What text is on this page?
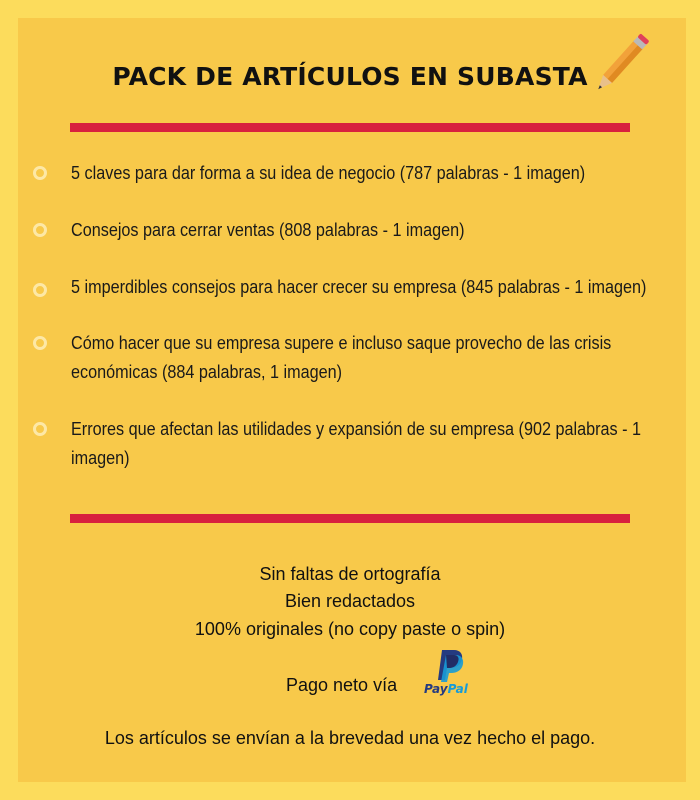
PACK DE ARTÍCULOS EN SUBASTA
5 claves para dar forma a su idea de negocio (787 palabras - 1 imagen)
Consejos para cerrar ventas (808 palabras - 1 imagen)
5 imperdibles consejos para hacer crecer su empresa (845 palabras - 1 imagen)
Cómo hacer que su empresa supere e incluso saque provecho de las crisis económicas (884 palabras, 1 imagen)
Errores que afectan las utilidades y expansión de su empresa (902 palabras - 1 imagen)
Sin faltas de ortografía
Bien redactados
100% originales (no copy paste o spin)
Pago neto vía PayPal
Los artículos se envían a la brevedad una vez hecho el pago.
